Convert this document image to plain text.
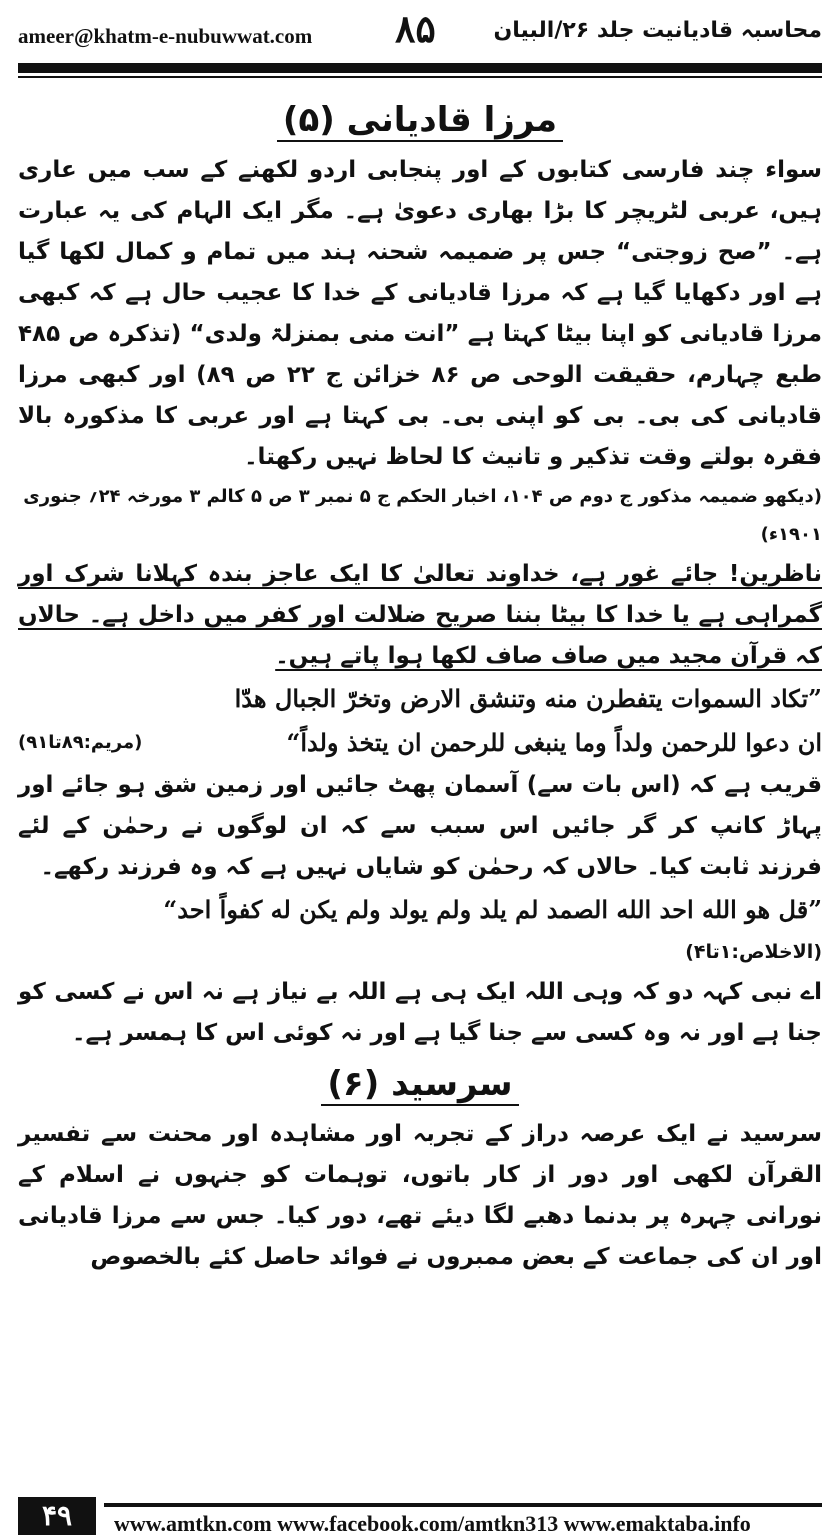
ameer@khatm-e-nubuwwat.com ۸۵	محاسبہ قادیانیت جلد ۲۶/البیان

مرزا قادیانی (۵)

سواء چند فارسی کتابوں کے اور پنجابی اردو لکھنے کے سب میں عاری ہیں، عربی لٹریچر کا بڑا بھاری دعویٰ ہے۔ مگر ایک الہام کی یہ عبارت ہے۔ ”صح زوجتی“ جس پر ضمیمہ شحنہ ہند میں تمام و کمال لکھا گیا ہے اور دکھایا گیا ہے کہ مرزا قادیانی کے خدا کا عجیب حال ہے کہ کبھی مرزا قادیانی کو اپنا بیٹا کہتا ہے ”انت منی بمنزلۃ ولدی“ (تذکرہ ص ۴۸۵ طبع چہارم، حقیقت الوحی ص ۸۶ خزائن ج ۲۲ ص ۸۹) اور کبھی مرزا قادیانی کی بی۔ بی کو اپنی بی۔ بی کہتا ہے اور عربی کا مذکورہ بالا فقرہ بولتے وقت تذکیر و تانیث کا لحاظ نہیں رکھتا۔

(دیکھو ضمیمہ مذکور ج دوم ص ۱۰۴، اخبار الحکم ج ۵ نمبر ۳ ص ۵ کالم ۳ مورخہ ۲۴؍ جنوری ۱۹۰۱ء)

ناظرین! جائے غور ہے، خداوند تعالیٰ کا ایک عاجز بندہ کہلانا شرک اور گمراہی ہے یا خدا کا بیٹا بننا صریح ضلالت اور کفر میں داخل ہے۔ حالاں کہ قرآن مجید میں صاف صاف لکھا ہوا پاتے ہیں۔

”تکاد السموات یتفطرن منه وتنشق الارض وتخرّ الجبال هدّا

ان دعوا للرحمن ولداً وما ینبغی للرحمن ان یتخذ ولداً“
(مریم:۸۹تا۹۱)

قریب ہے کہ (اس بات سے) آسمان پھٹ جائیں اور زمین شق ہو جائے اور پہاڑ کانپ کر گر جائیں اس سبب سے کہ ان لوگوں نے رحمٰن کے لئے فرزند ثابت کیا۔ حالاں کہ رحمٰن کو شایاں نہیں ہے کہ وہ فرزند رکھے۔

”قل هو الله احد الله الصمد لم یلد ولم یولد ولم یکن له کفواً احد“

(الاخلاص:۱تا۴)

اے نبی کہہ دو کہ وہی اللہ ایک ہی ہے اللہ بے نیاز ہے نہ اس نے کسی کو جنا ہے اور نہ وہ کسی سے جنا گیا ہے اور نہ کوئی اس کا ہمسر ہے۔

سرسید (۶)

سرسید نے ایک عرصہ دراز کے تجربہ اور مشاہدہ اور محنت سے تفسیر القرآن لکھی اور دور از کار باتوں، توہمات کو جنہوں نے اسلام کے نورانی چہرہ پر بدنما دھبے لگا دیئے تھے، دور کیا۔ جس سے مرزا قادیانی اور ان کی جماعت کے بعض ممبروں نے فوائد حاصل کئے بالخصوص

۴۹	www.amtkn.com www.facebook.com/amtkn313 www.emaktaba.info
